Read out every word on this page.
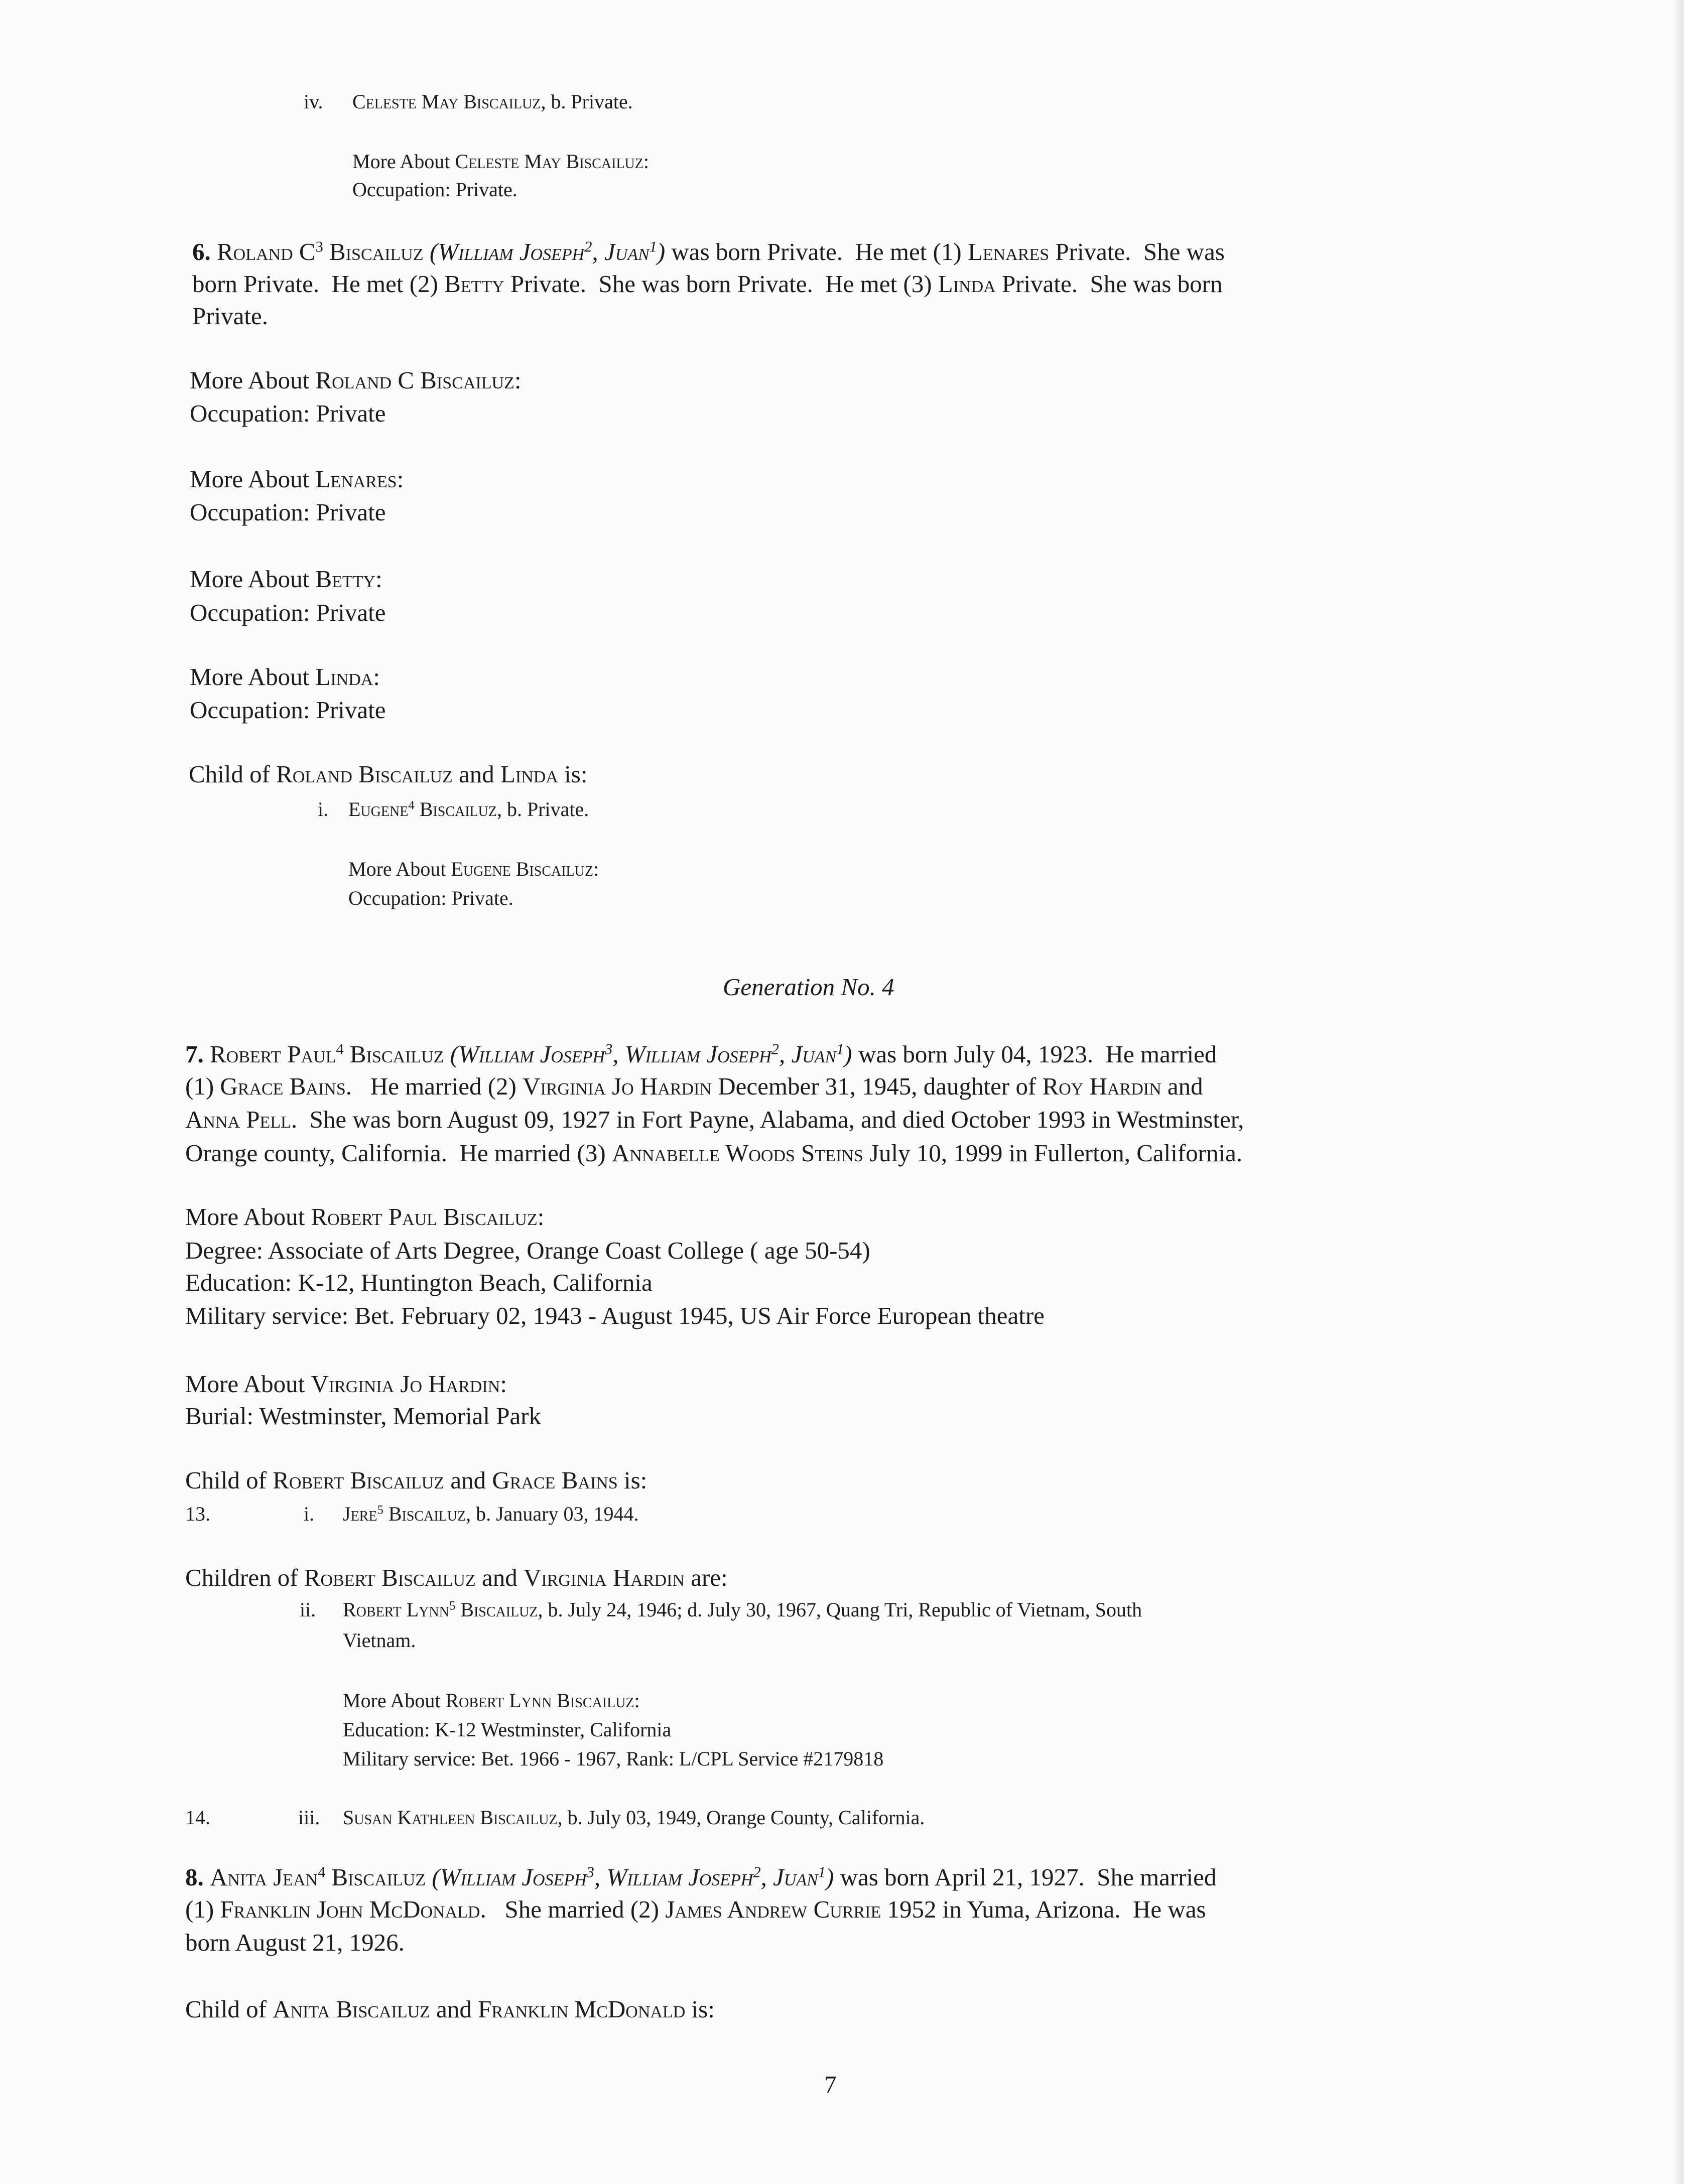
iv. Celeste May Biscailuz, b. Private.
More About Celeste May Biscailuz:
Occupation: Private.
6. Roland $C^3$ Biscailuz (William Joseph$^2$, Juan$^1$) was born Private.  He met (1) Lenares Private.  She was
born Private.  He met (2) Betty Private.  She was born Private.  He met (3) Linda Private.  She was born
Private.
More About Roland C Biscailuz:
Occupation: Private
More About Lenares:
Occupation: Private
More About Betty:
Occupation: Private
More About Linda:
Occupation: Private
Child of Roland Biscailuz and Linda is:
i. Eugene$^4$ Biscailuz, b. Private.
More About Eugene Biscailuz:
Occupation: Private.
Generation No. 4
7. Robert Paul$^4$ Biscailuz (William Joseph$^3$, William Joseph$^2$, Juan$^1$) was born July 04, 1923.  He married
(1) Grace Bains.   He married (2) Virginia Jo Hardin December 31, 1945, daughter of Roy Hardin and
Anna Pell.  She was born August 09, 1927 in Fort Payne, Alabama, and died October 1993 in Westminster,
Orange county, California.  He married (3) Annabelle Woods Steins July 10, 1999 in Fullerton, California.
More About Robert Paul Biscailuz:
Degree: Associate of Arts Degree, Orange Coast College ( age 50-54)
Education: K-12, Huntington Beach, California
Military service: Bet. February 02, 1943 - August 1945, US Air Force European theatre
More About Virginia Jo Hardin:
Burial: Westminster, Memorial Park
Child of Robert Biscailuz and Grace Bains is:
13.	i. Jere$^5$ Biscailuz, b. January 03, 1944.
Children of Robert Biscailuz and Virginia Hardin are:
ii. Robert Lynn$^5$ Biscailuz, b. July 24, 1946; d. July 30, 1967, Quang Tri, Republic of Vietnam, South
Vietnam.
More About Robert Lynn Biscailuz:
Education: K-12 Westminster, California
Military service: Bet. 1966 - 1967, Rank: L/CPL Service #2179818
14.	iii. Susan Kathleen Biscailuz, b. July 03, 1949, Orange County, California.
8. Anita Jean$^4$ Biscailuz (William Joseph$^3$, William Joseph$^2$, Juan$^1$) was born April 21, 1927.  She married
(1) Franklin John McDonald.   She married (2) James Andrew Currie 1952 in Yuma, Arizona.  He was
born August 21, 1926.
Child of Anita Biscailuz and Franklin McDonald is:
7
